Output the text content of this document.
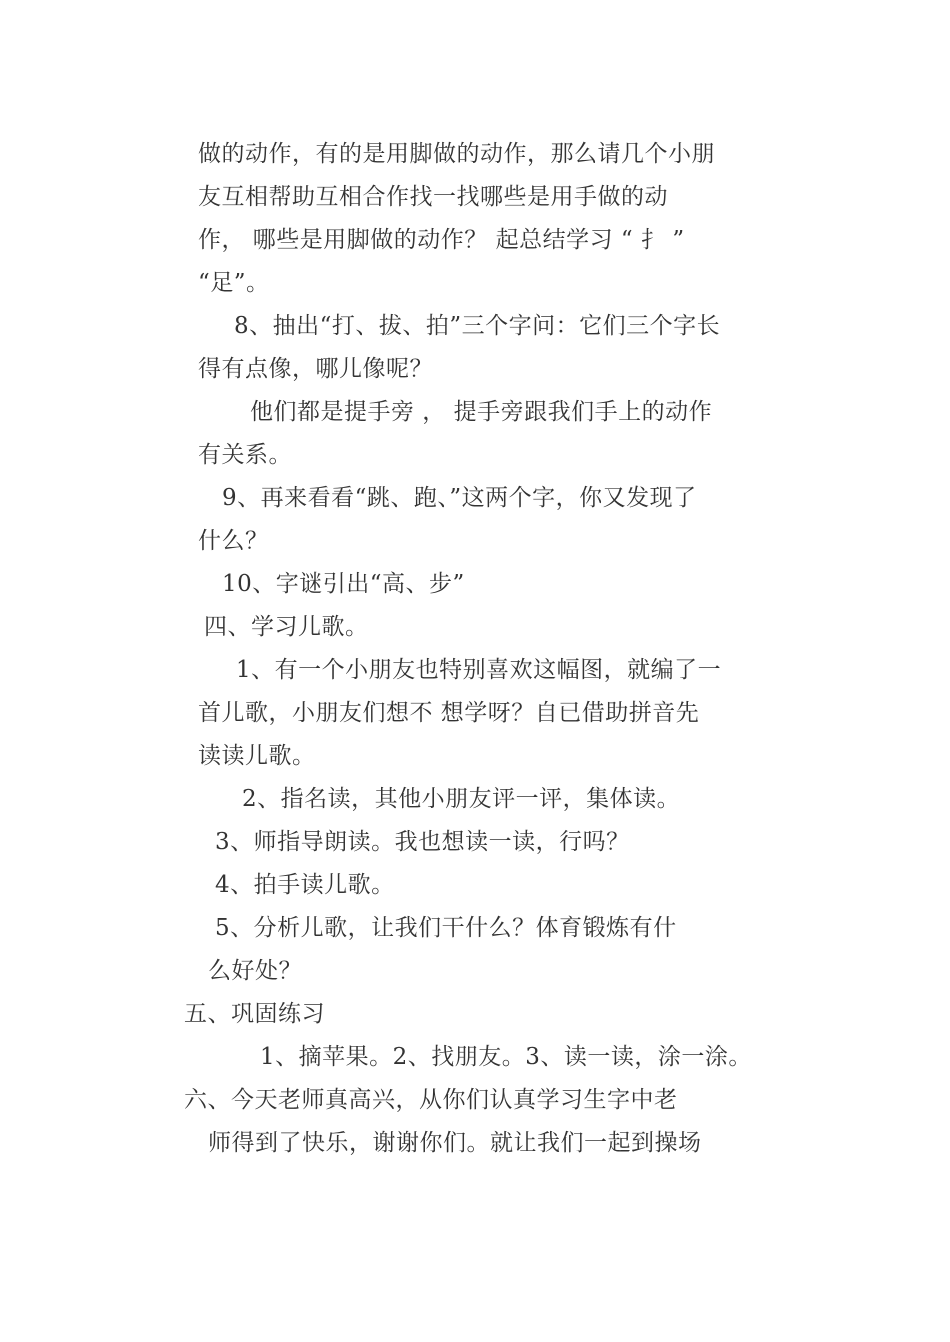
做的动作，有的是用脚做的动作，那么请几个小朋
友互相帮助互相合作找一找哪些是用手做的动
作， 哪些是用脚做的动作？ 起总结学习 “ 扌 ”
“足”。
8、抽出“打、拔、拍”三个字问：它们三个字长
得有点像，哪儿像呢？
他们都是提手旁 ， 提手旁跟我们手上的动作
有关系。
9、再来看看“跳、跑、”这两个字，你又发现了
什么？
10、字谜引出“高、步”
四、学习儿歌。
1、有一个小朋友也特别喜欢这幅图，就编了一
首儿歌，小朋友们想不 想学呀？自已借助拼音先
读读儿歌。
2、指名读，其他小朋友评一评，集体读。
3、师指导朗读。我也想读一读，行吗？
4、拍手读儿歌。
5、分析儿歌，让我们干什么？体育锻炼有什
么好处？
五、巩固练习
1、摘苹果。2、找朋友。3、读一读，涂一涂。
六、今天老师真高兴，从你们认真学习生字中老
师得到了快乐，谢谢你们。就让我们一起到操场
